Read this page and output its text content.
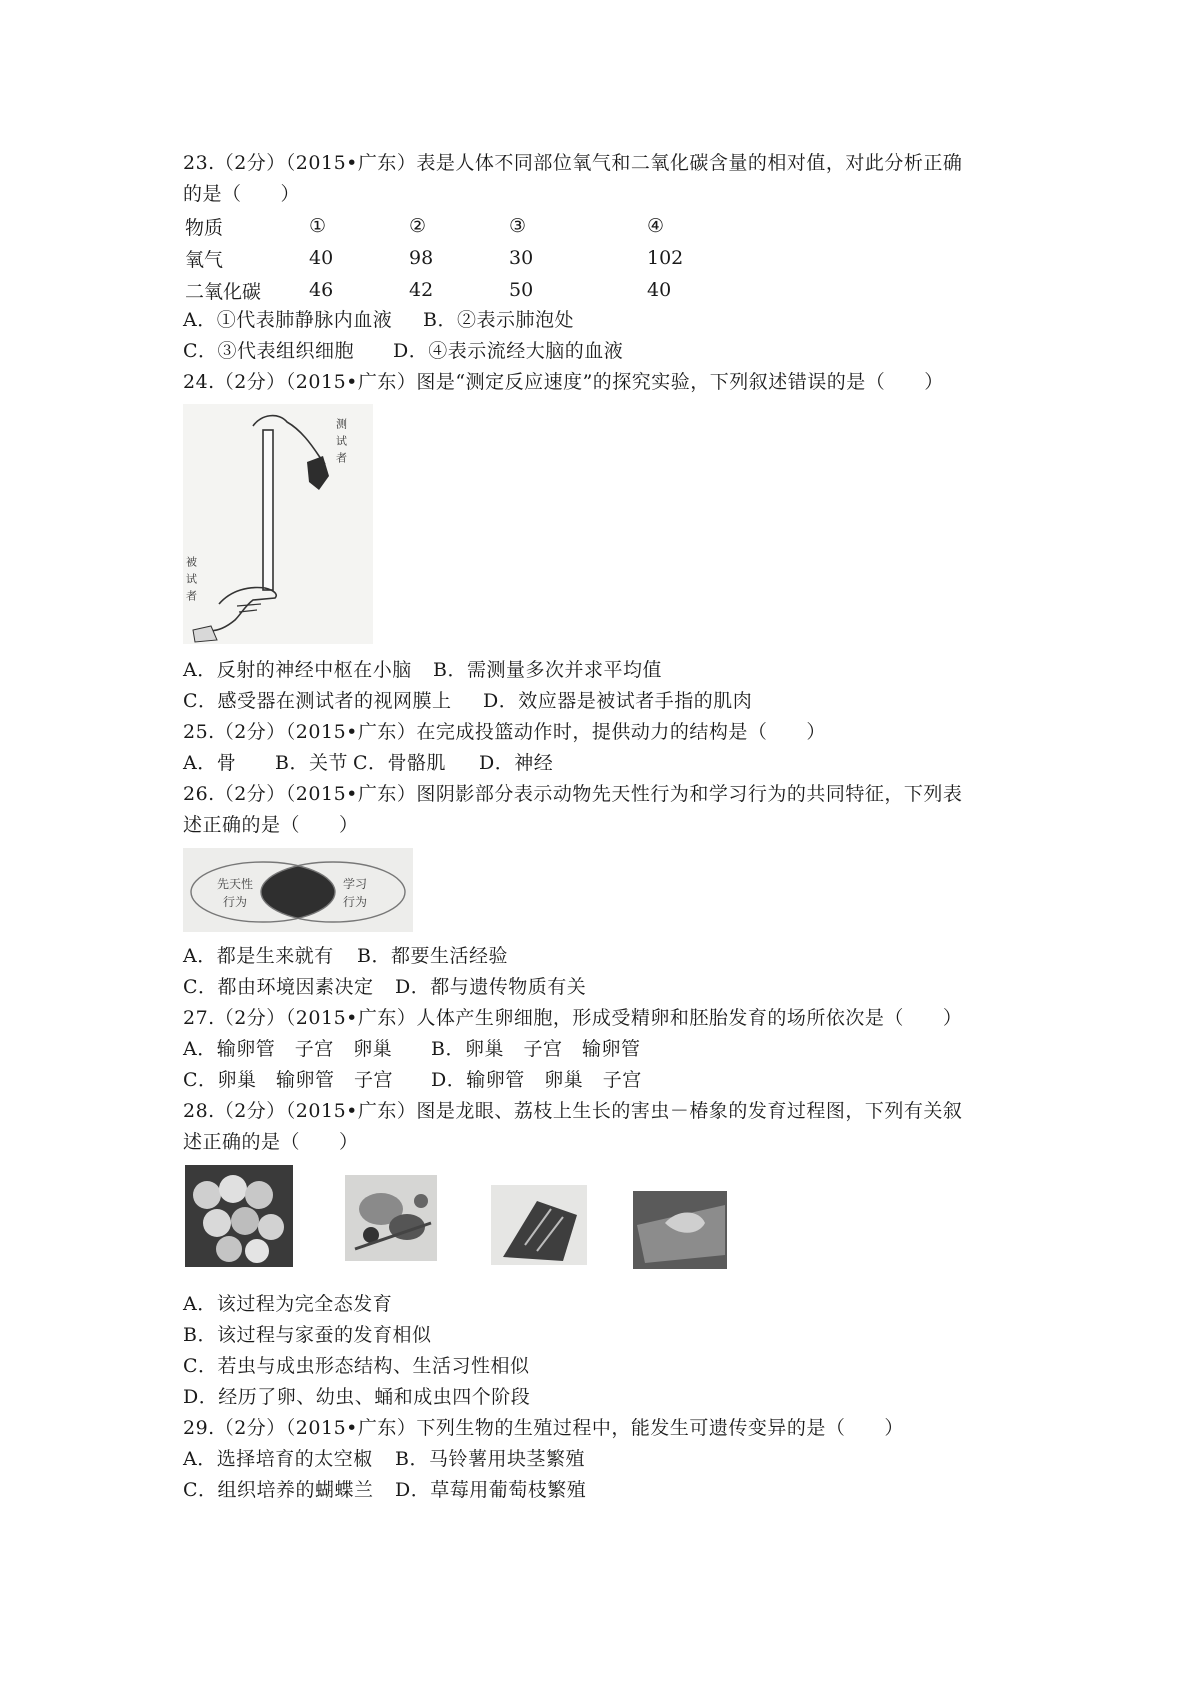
23.（2分）（2015•广东）表是人体不同部位氧气和二氧化碳含量的相对值，对此分析正确
的是（　　）
物质	①	②	③	④
氧气	40	98	30	102
二氧化碳	46	42	50	40
A．①代表肺静脉内血液 B．②表示肺泡处
C．③代表组织细胞 D．④表示流经大脑的血液
24.（2分）（2015•广东）图是“测定反应速度”的探究实验，下列叙述错误的是（　　）
测试者
被试者
A．反射的神经中枢在小脑 B．需测量多次并求平均值
C．感受器在测试者的视网膜上 D．效应器是被试者手指的肌肉
25.（2分）（2015•广东）在完成投篮动作时，提供动力的结构是（　　）
A．骨 B．关节 C．骨骼肌 D．神经
26.（2分）（2015•广东）图阴影部分表示动物先天性行为和学习行为的共同特征，下列表
述正确的是（　　）
先天性
行为
学习
行为
A．都是生来就有 B．都要生活经验
C．都由环境因素决定 D．都与遗传物质有关
27.（2分）（2015•广东）人体产生卵细胞，形成受精卵和胚胎发育的场所依次是（　　）
A．输卵管　子宫　卵巢 B．卵巢　子宫　输卵管
C．卵巢　输卵管　子宫 D．输卵管　卵巢　子宫
28.（2分）（2015•广东）图是龙眼、荔枝上生长的害虫－椿象的发育过程图，下列有关叙
述正确的是（　　）
A．该过程为完全态发育
B．该过程与家蚕的发育相似
C．若虫与成虫形态结构、生活习性相似
D．经历了卵、幼虫、蛹和成虫四个阶段
29.（2分）（2015•广东）下列生物的生殖过程中，能发生可遗传变异的是（　　）
A．选择培育的太空椒 B．马铃薯用块茎繁殖
C．组织培养的蝴蝶兰 D．草莓用葡萄枝繁殖
